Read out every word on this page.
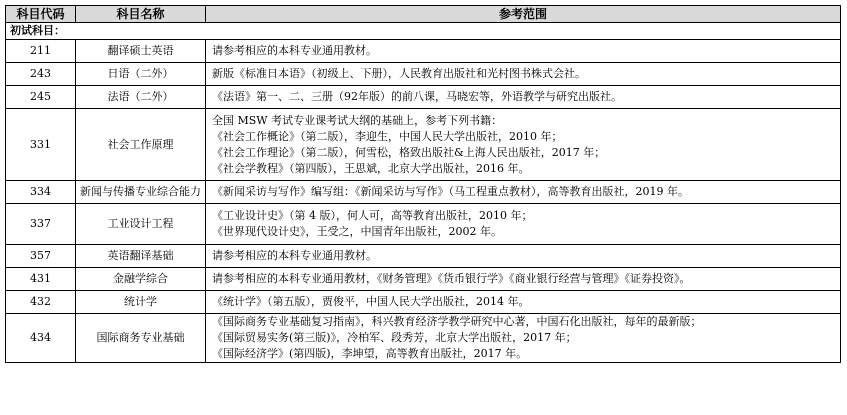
科目代码	科目名称	参考范围
初试科目：		
211	翻译硕士英语	请参考相应的本科专业通用教材。

243	日语（二外）	新版《标准日本语》（初级上、下册），人民教育出版社和光村图书株式会社。

245	法语（二外）	《法语》第一、二、三册（92年版）的前八课，马晓宏等，外语教学与研究出版社。

331	社会工作原理	全国 MSW 考试专业课考试大纲的基础上，参考下列书籍：
《社会工作概论》（第二版），李迎生，中国人民大学出版社，2010 年；
《社会工作理论》（第二版），何雪松，格致出版社&上海人民出版社，2017 年；
《社会学教程》（第四版），王思斌，北京大学出版社，2016 年。

334	新闻与传播专业综合能力	《新闻采访与写作》编写组：《新闻采访与写作》（马工程重点教材），高等教育出版社，2019 年。

337	工业设计工程	《工业设计史》（第 4 版），何人可，高等教育出版社，2010 年；
《世界现代设计史》，王受之，中国青年出版社，2002 年。

357	英语翻译基础	请参考相应的本科专业通用教材。

431	金融学综合	请参考相应的本科专业通用教材，《财务管理》《货币银行学》《商业银行经营与管理》《证券投资》。

432	统计学	《统计学》（第五版），贾俊平，中国人民大学出版社，2014 年。

434	国际商务专业基础	《国际商务专业基础复习指南》，科兴教育经济学教学研究中心著，中国石化出版社，每年的最新版；
《国际贸易实务(第三版)》，冷柏军、段秀芳，北京大学出版社，2017 年；
《国际经济学》(第四版)，李坤望，高等教育出版社，2017 年。
